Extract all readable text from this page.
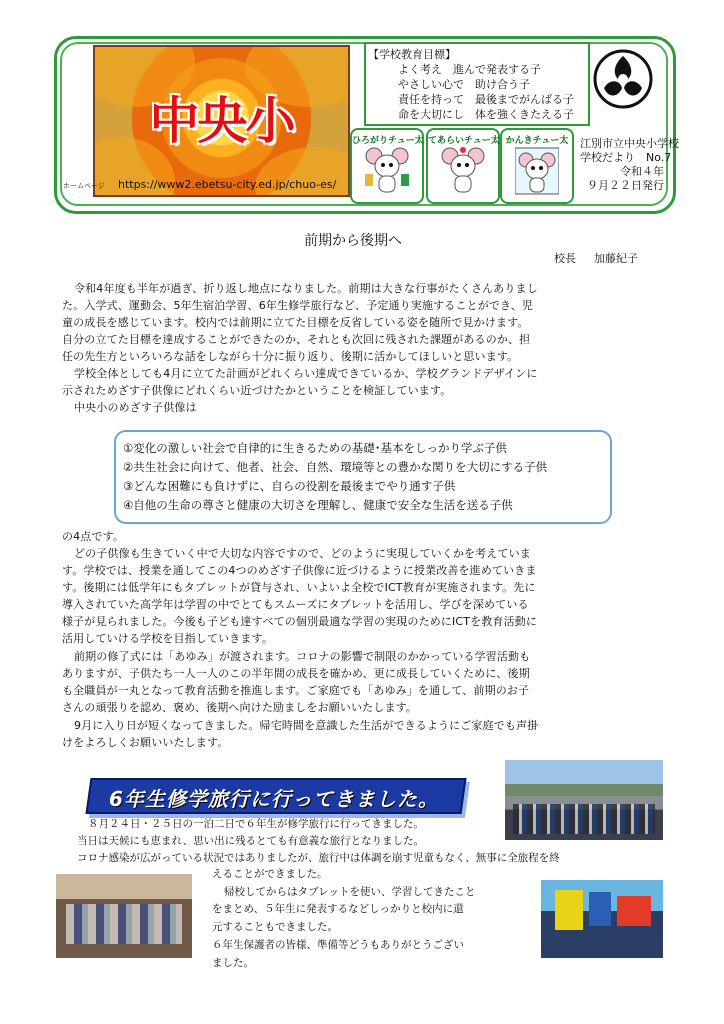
中央小
ホームページ https://www2.ebetsu-city.ed.jp/chuo-es/
【学校教育目標】
よく考え　進んで発表する子
やさしい心で　助け合う子
責任を持って　最後までがんばる子
命を大切にし　体を強くきたえる子
ひろがりチュー太 てあらいチュー太 かんきチュー太	江別市立中央小学校
学校だより　No.7
令和４年
９月２２日発行
前期から後期へ
校長 加藤紀子
令和4年度も半年が過ぎ、折り返し地点になりました。前期は大きな行事がたくさんありまし
た。入学式、運動会、5年生宿泊学習、6年生修学旅行など、予定通り実施することができ、児
童の成長を感じています。校内では前期に立てた目標を反省している姿を随所で見かけます。
自分の立てた目標を達成することができたのか、それとも次回に残された課題があるのか、担
任の先生方といろいろな話をしながら十分に振り返り、後期に活かしてほしいと思います。
学校全体としても4月に立てた計画がどれくらい達成できているか、学校グランドデザインに
示されためざす子供像にどれくらい近づけたかということを検証しています。
中央小のめざす子供像は
①変化の激しい社会で自律的に生きるための基礎･基本をしっかり学ぶ子供
②共生社会に向けて、他者、社会、自然、環境等との豊かな関りを大切にする子供
③どんな困難にも負けずに、自らの役割を最後までやり通す子供
④自他の生命の尊さと健康の大切さを理解し、健康で安全な生活を送る子供
の4点です。
どの子供像も生きていく中で大切な内容ですので、どのように実現していくかを考えていま
す。学校では、授業を通してこの4つのめざす子供像に近づけるように授業改善を進めていきま
す。後期には低学年にもタブレットが貸与され、いよいよ全校でICT教育が実施されます。先に
導入されていた高学年は学習の中でとてもスムーズにタブレットを活用し、学びを深めている
様子が見られました。今後も子ども達すべての個別最適な学習の実現のためにICTを教育活動に
活用していける学校を目指していきます。
前期の修了式には「あゆみ」が渡されます。コロナの影響で制限のかかっている学習活動も
ありますが、子供たち一人一人のこの半年間の成長を確かめ、更に成長していくために、後期
も全職員が一丸となって教育活動を推進します。ご家庭でも「あゆみ」を通して、前期のお子
さんの頑張りを認め、褒め、後期へ向けた励ましをお願いいたします。
9月に入り日が短くなってきました。帰宅時間を意識した生活ができるようにご家庭でも声掛
けをよろしくお願いいたします。
6年生修学旅行に行ってきました。
８月２４日・２５日の一泊二日で６年生が修学旅行に行ってきました。
当日は天候にも恵まれ、思い出に残るとても有意義な旅行となりました。
コロナ感染が広がっている状況ではありましたが、旅行中は体調を崩す児童もなく、無事に全旅程を終
えることができました。
帰校してからはタブレットを使い、学習してきたこと
をまとめ、５年生に発表するなどしっかりと校内に還
元することもできました。
６年生保護者の皆様、準備等どうもありがとうござい
ました。
